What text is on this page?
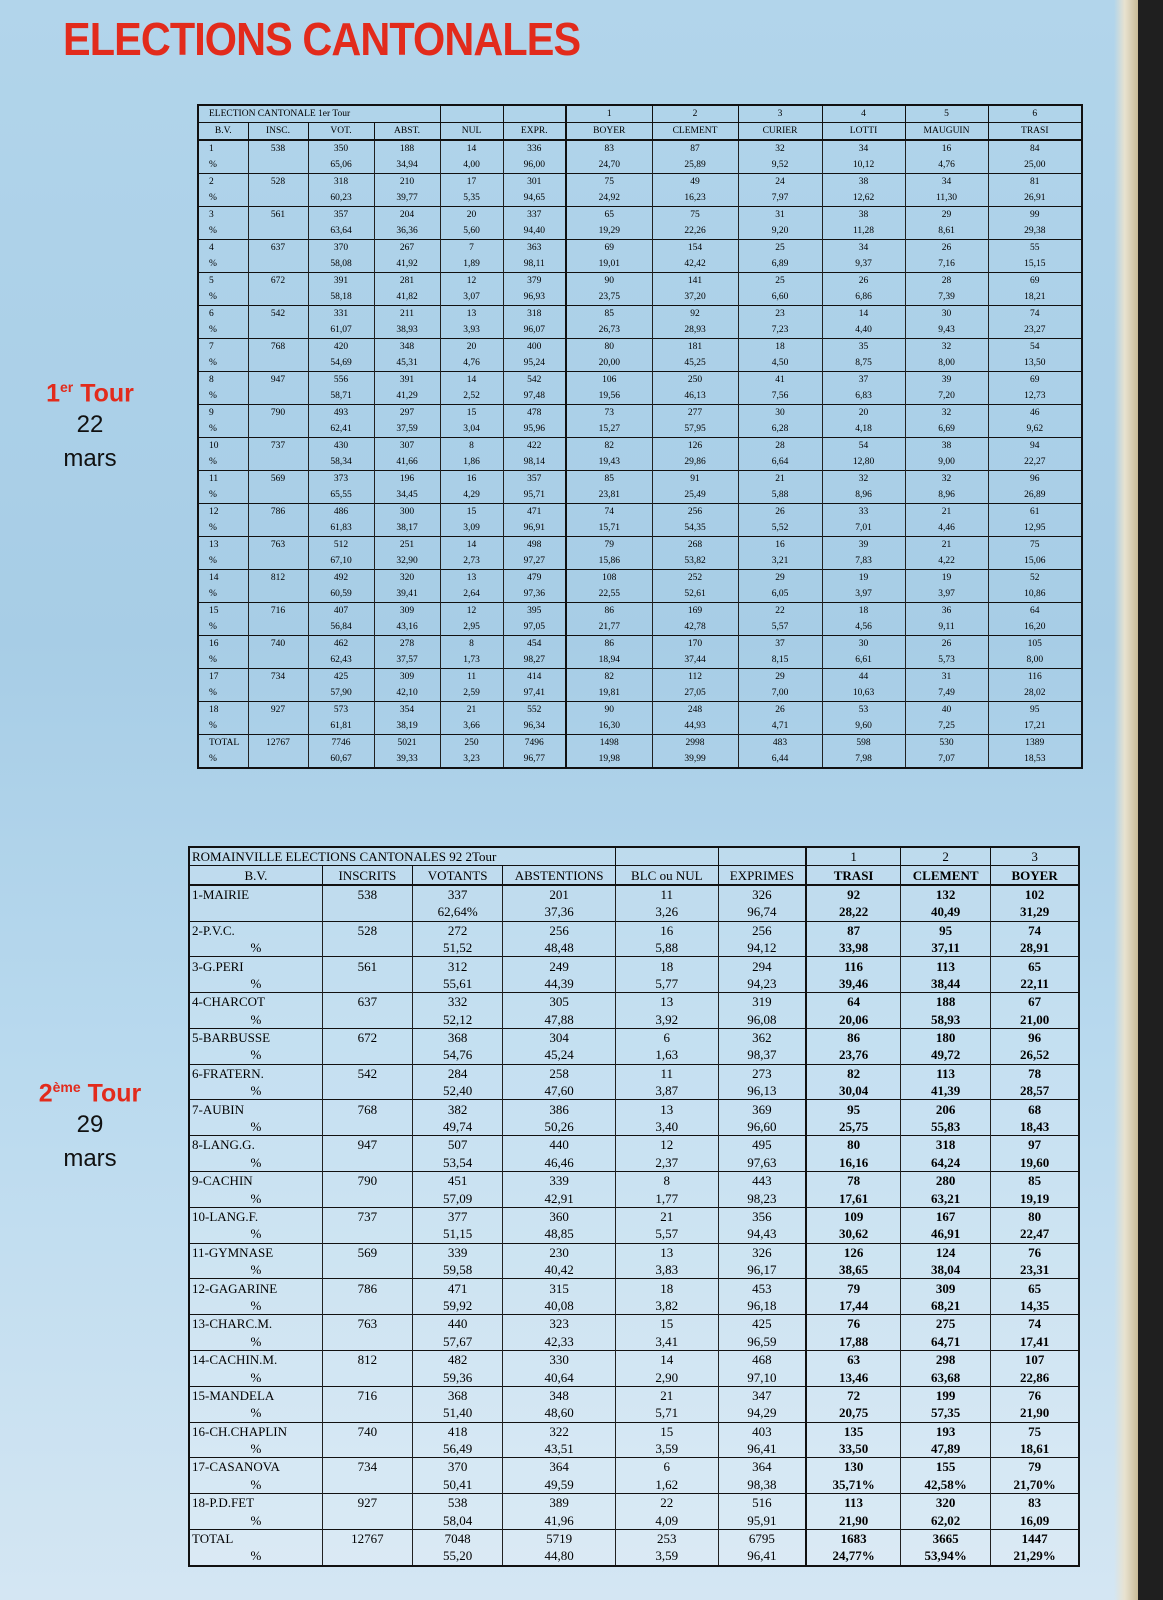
ELECTIONS CANTONALES
1er Tour
22
mars
2ème Tour
29
mars
ELECTION CANTONALE 1er Tour						1	2	3	4	5	6
B.V.	INSC.	VOT.	ABST.	NUL	EXPR.	BOYER	CLEMENT	CURIER	LOTTI	MAUGUIN	TRASI
1	538	350	188	14	336	83	87	32	34	16	84
%		65,06	34,94	4,00	96,00	24,70	25,89	9,52	10,12	4,76	25,00
2	528	318	210	17	301	75	49	24	38	34	81
%		60,23	39,77	5,35	94,65	24,92	16,23	7,97	12,62	11,30	26,91
3	561	357	204	20	337	65	75	31	38	29	99
%		63,64	36,36	5,60	94,40	19,29	22,26	9,20	11,28	8,61	29,38
4	637	370	267	7	363	69	154	25	34	26	55
%		58,08	41,92	1,89	98,11	19,01	42,42	6,89	9,37	7,16	15,15
5	672	391	281	12	379	90	141	25	26	28	69
%		58,18	41,82	3,07	96,93	23,75	37,20	6,60	6,86	7,39	18,21
6	542	331	211	13	318	85	92	23	14	30	74
%		61,07	38,93	3,93	96,07	26,73	28,93	7,23	4,40	9,43	23,27
7	768	420	348	20	400	80	181	18	35	32	54
%		54,69	45,31	4,76	95,24	20,00	45,25	4,50	8,75	8,00	13,50
8	947	556	391	14	542	106	250	41	37	39	69
%		58,71	41,29	2,52	97,48	19,56	46,13	7,56	6,83	7,20	12,73
9	790	493	297	15	478	73	277	30	20	32	46
%		62,41	37,59	3,04	95,96	15,27	57,95	6,28	4,18	6,69	9,62
10	737	430	307	8	422	82	126	28	54	38	94
%		58,34	41,66	1,86	98,14	19,43	29,86	6,64	12,80	9,00	22,27
11	569	373	196	16	357	85	91	21	32	32	96
%		65,55	34,45	4,29	95,71	23,81	25,49	5,88	8,96	8,96	26,89
12	786	486	300	15	471	74	256	26	33	21	61
%		61,83	38,17	3,09	96,91	15,71	54,35	5,52	7,01	4,46	12,95
13	763	512	251	14	498	79	268	16	39	21	75
%		67,10	32,90	2,73	97,27	15,86	53,82	3,21	7,83	4,22	15,06
14	812	492	320	13	479	108	252	29	19	19	52
%		60,59	39,41	2,64	97,36	22,55	52,61	6,05	3,97	3,97	10,86
15	716	407	309	12	395	86	169	22	18	36	64
%		56,84	43,16	2,95	97,05	21,77	42,78	5,57	4,56	9,11	16,20
16	740	462	278	8	454	86	170	37	30	26	105
%		62,43	37,57	1,73	98,27	18,94	37,44	8,15	6,61	5,73	8,00
17	734	425	309	11	414	82	112	29	44	31	116
%		57,90	42,10	2,59	97,41	19,81	27,05	7,00	10,63	7,49	28,02
18	927	573	354	21	552	90	248	26	53	40	95
%		61,81	38,19	3,66	96,34	16,30	44,93	4,71	9,60	7,25	17,21
TOTAL	12767	7746	5021	250	7496	1498	2998	483	598	530	1389
%		60,67	39,33	3,23	96,77	19,98	39,99	6,44	7,98	7,07	18,53
ROMAINVILLE ELECTIONS CANTONALES 92 2Tour						1	2	3
B.V.	INSCRITS	VOTANTS	ABSTENTIONS	BLC ou NUL	EXPRIMES	TRASI	CLEMENT	BOYER
1-MAIRIE	538	337	201	11	326	92	132	102
		62,64%	37,36	3,26	96,74	28,22	40,49	31,29
2-P.V.C.	528	272	256	16	256	87	95	74
%		51,52	48,48	5,88	94,12	33,98	37,11	28,91
3-G.PERI	561	312	249	18	294	116	113	65
%		55,61	44,39	5,77	94,23	39,46	38,44	22,11
4-CHARCOT	637	332	305	13	319	64	188	67
%		52,12	47,88	3,92	96,08	20,06	58,93	21,00
5-BARBUSSE	672	368	304	6	362	86	180	96
%		54,76	45,24	1,63	98,37	23,76	49,72	26,52
6-FRATERN.	542	284	258	11	273	82	113	78
%		52,40	47,60	3,87	96,13	30,04	41,39	28,57
7-AUBIN	768	382	386	13	369	95	206	68
%		49,74	50,26	3,40	96,60	25,75	55,83	18,43
8-LANG.G.	947	507	440	12	495	80	318	97
%		53,54	46,46	2,37	97,63	16,16	64,24	19,60
9-CACHIN	790	451	339	8	443	78	280	85
%		57,09	42,91	1,77	98,23	17,61	63,21	19,19
10-LANG.F.	737	377	360	21	356	109	167	80
%		51,15	48,85	5,57	94,43	30,62	46,91	22,47
11-GYMNASE	569	339	230	13	326	126	124	76
%		59,58	40,42	3,83	96,17	38,65	38,04	23,31
12-GAGARINE	786	471	315	18	453	79	309	65
%		59,92	40,08	3,82	96,18	17,44	68,21	14,35
13-CHARC.M.	763	440	323	15	425	76	275	74
%		57,67	42,33	3,41	96,59	17,88	64,71	17,41
14-CACHIN.M.	812	482	330	14	468	63	298	107
%		59,36	40,64	2,90	97,10	13,46	63,68	22,86
15-MANDELA	716	368	348	21	347	72	199	76
%		51,40	48,60	5,71	94,29	20,75	57,35	21,90
16-CH.CHAPLIN	740	418	322	15	403	135	193	75
%		56,49	43,51	3,59	96,41	33,50	47,89	18,61
17-CASANOVA	734	370	364	6	364	130	155	79
%		50,41	49,59	1,62	98,38	35,71%	42,58%	21,70%
18-P.D.FET	927	538	389	22	516	113	320	83
%		58,04	41,96	4,09	95,91	21,90	62,02	16,09
TOTAL	12767	7048	5719	253	6795	1683	3665	1447
%		55,20	44,80	3,59	96,41	24,77%	53,94%	21,29%
